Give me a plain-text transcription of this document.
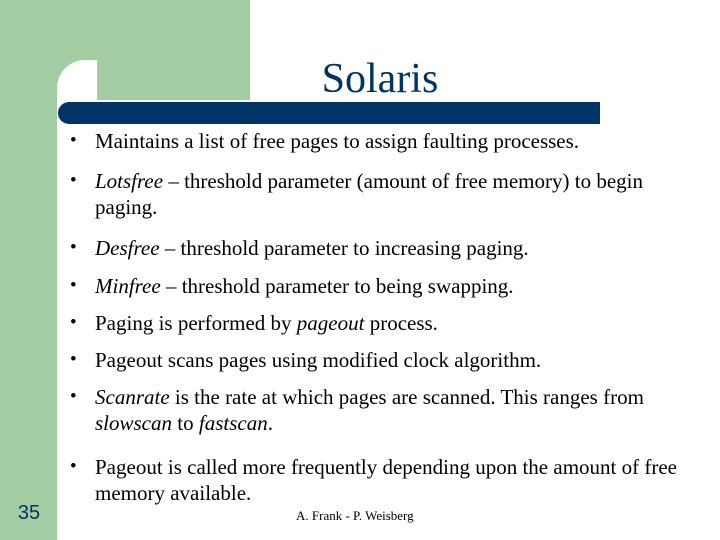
Solaris
• Maintains a list of free pages to assign faulting processes.
• Lotsfree – threshold parameter (amount of free memory) to begin paging.
• Desfree – threshold parameter to increasing paging.
• Minfree – threshold parameter to being swapping.
• Paging is performed by pageout process.
• Pageout scans pages using modified clock algorithm.
• Scanrate is the rate at which pages are scanned. This ranges from slowscan to fastscan.
• Pageout is called more frequently depending upon the amount of free memory available.
35	A. Frank - P. Weisberg
